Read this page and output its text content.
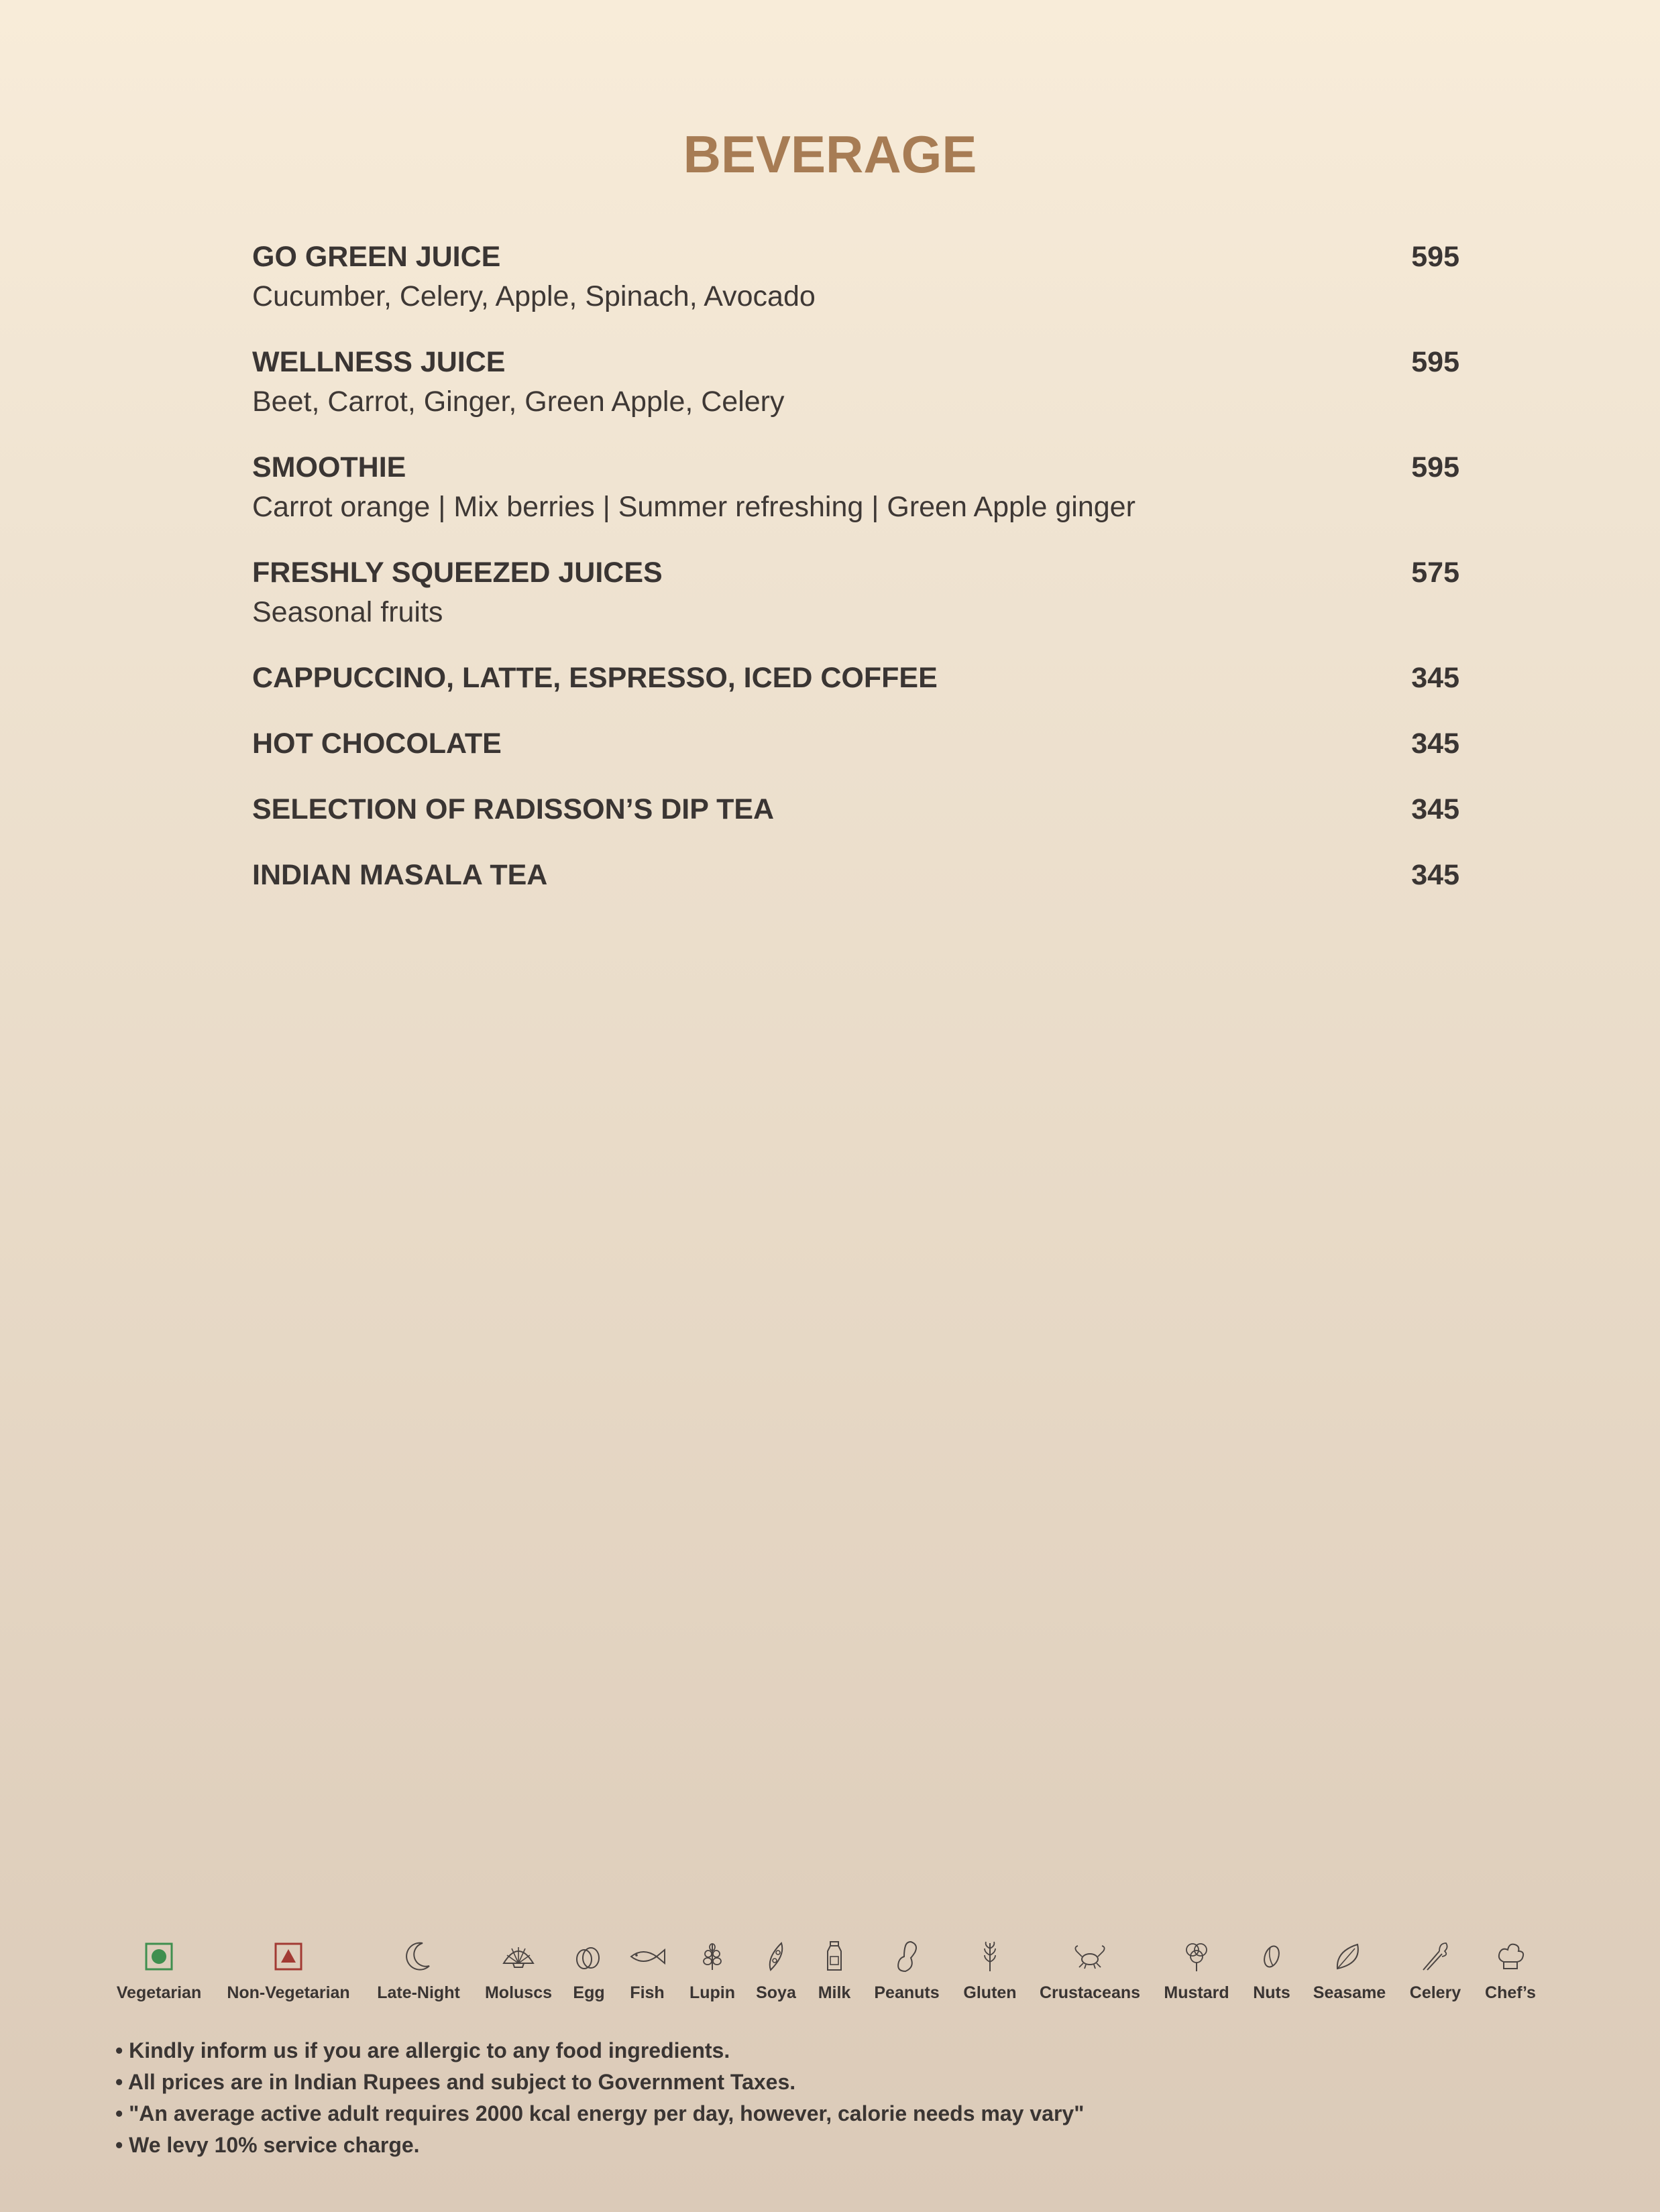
BEVERAGE
GO GREEN JUICE	595
Cucumber, Celery, Apple, Spinach, Avocado
WELLNESS JUICE	595
Beet, Carrot, Ginger, Green Apple, Celery
SMOOTHIE	595
Carrot orange | Mix berries | Summer refreshing | Green Apple ginger
FRESHLY SQUEEZED JUICES	575
Seasonal fruits
CAPPUCCINO, LATTE, ESPRESSO, ICED COFFEE	345
HOT CHOCOLATE	345
SELECTION OF RADISSON’S DIP TEA	345
INDIAN MASALA TEA	345
Vegetarian	Non-Vegetarian	Late-Night	Moluscs	Egg	Fish	Lupin	Soya	Milk	Peanuts	Gluten	Crustaceans	Mustard	Nuts	Seasame	Celery	Chef’s
• Kindly inform us if you are allergic to any food ingredients.
• All prices are in Indian Rupees and subject to Government Taxes.
• "An average active adult requires 2000 kcal energy per day, however, calorie needs may vary"
• We levy 10% service charge.
